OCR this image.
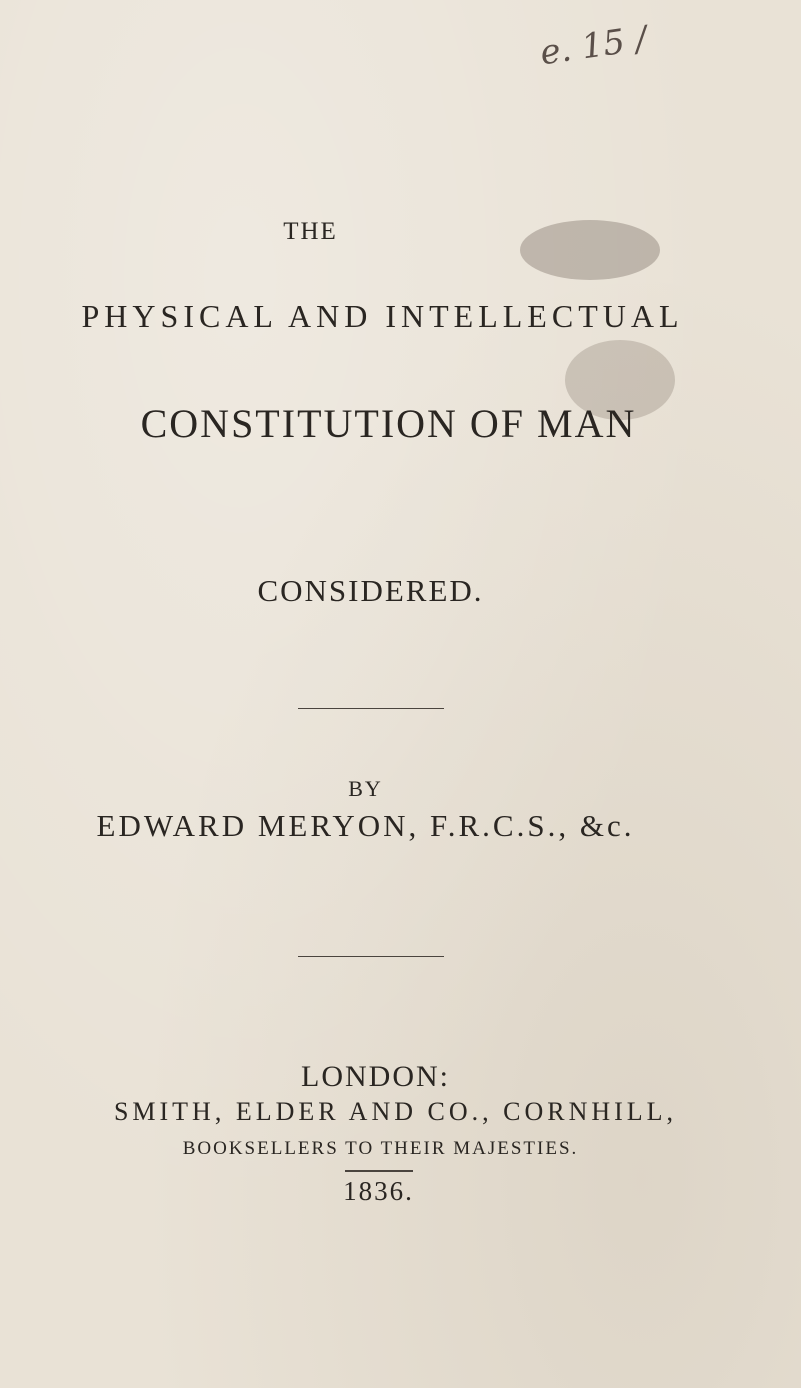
e. 15 /
THE
PHYSICAL AND INTELLECTUAL
CONSTITUTION OF MAN
CONSIDERED.
BY
EDWARD MERYON, F.R.C.S., &c.
LONDON:
SMITH, ELDER AND CO., CORNHILL,
BOOKSELLERS TO THEIR MAJESTIES.
1836.
